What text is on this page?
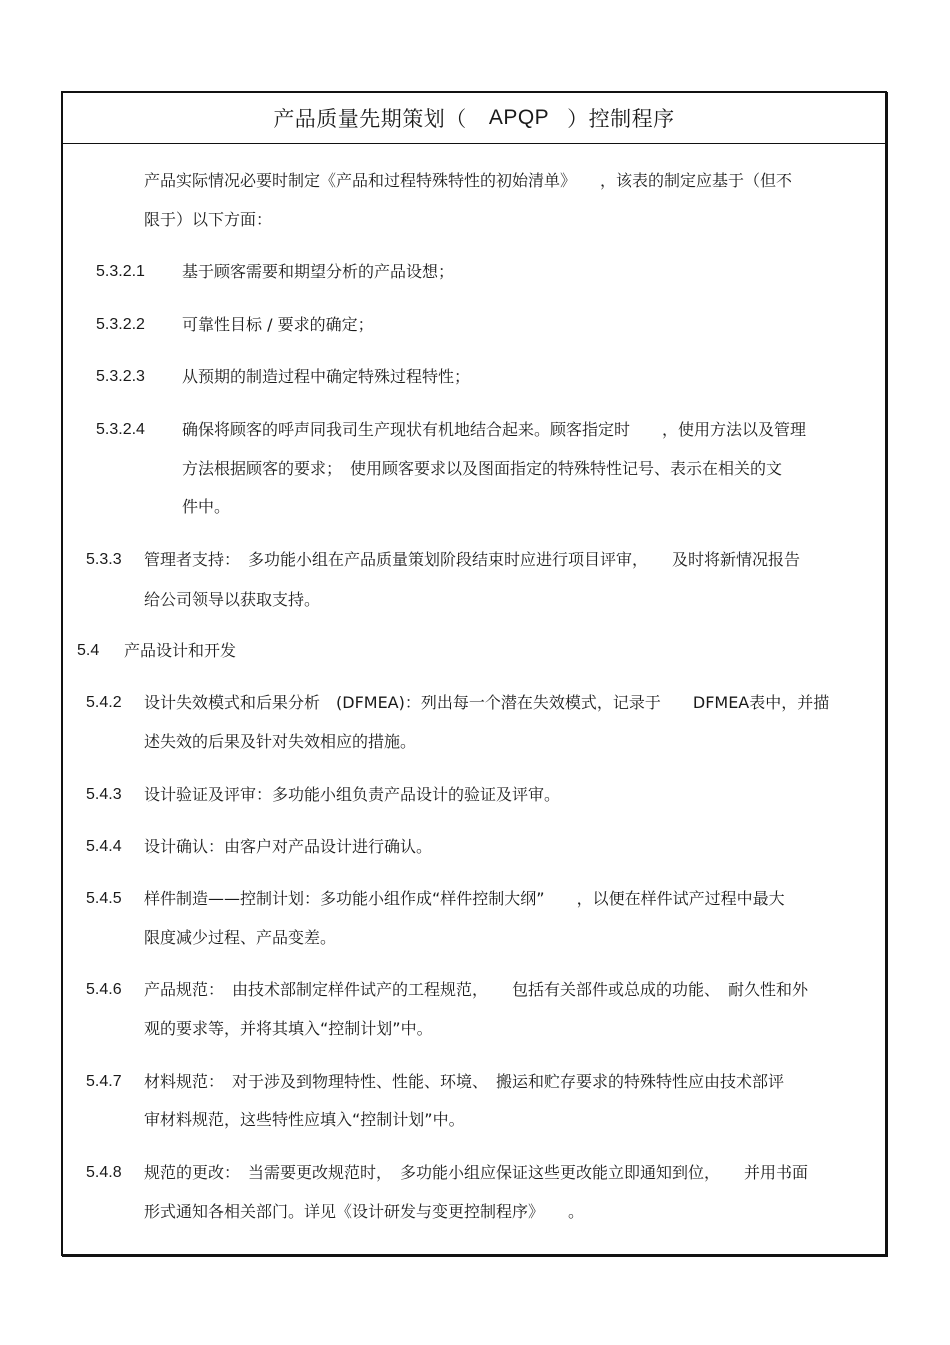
产品质量先期策划（ APQP ）控制程序
产品实际情况必要时制定《产品和过程特殊特性的初始清单》　　，该表的制定应基于（但不
限于）以下方面：
5.3.2.1 基于顾客需要和期望分析的产品设想；
5.3.2.2 可靠性目标 / 要求的确定；
5.3.2.3 从预期的制造过程中确定特殊过程特性；
5.3.2.4 确保将顾客的呼声同我司生产现状有机地结合起来。顾客指定时　　，使用方法以及管理
方法根据顾客的要求；　使用顾客要求以及图面指定的特殊特性记号、表示在相关的文
件中。
5.3.3 管理者支持：　多功能小组在产品质量策划阶段结束时应进行项目评审，　　及时将新情况报告
给公司领导以获取支持。
5.4 产品设计和开发
5.4.2 设计失效模式和后果分析　(DFMEA)：列出每一个潜在失效模式，记录于　　DFMEA表中，并描
述失效的后果及针对失效相应的措施。
5.4.3 设计验证及评审：多功能小组负责产品设计的验证及评审。
5.4.4 设计确认：由客户对产品设计进行确认。
5.4.5 样件制造——控制计划：多功能小组作成“样件控制大纲”　　，以便在样件试产过程中最大
限度减少过程、产品变差。
5.4.6 产品规范：　由技术部制定样件试产的工程规范，　　包括有关部件或总成的功能、　耐久性和外
观的要求等，并将其填入“控制计划”中。
5.4.7 材料规范：　对于涉及到物理特性、性能、环境、　搬运和贮存要求的特殊特性应由技术部评
审材料规范，这些特性应填入“控制计划”中。
5.4.8 规范的更改：　当需要更改规范时，　多功能小组应保证这些更改能立即通知到位，　　并用书面
形式通知各相关部门。详见《设计研发与变更控制程序》　　。
